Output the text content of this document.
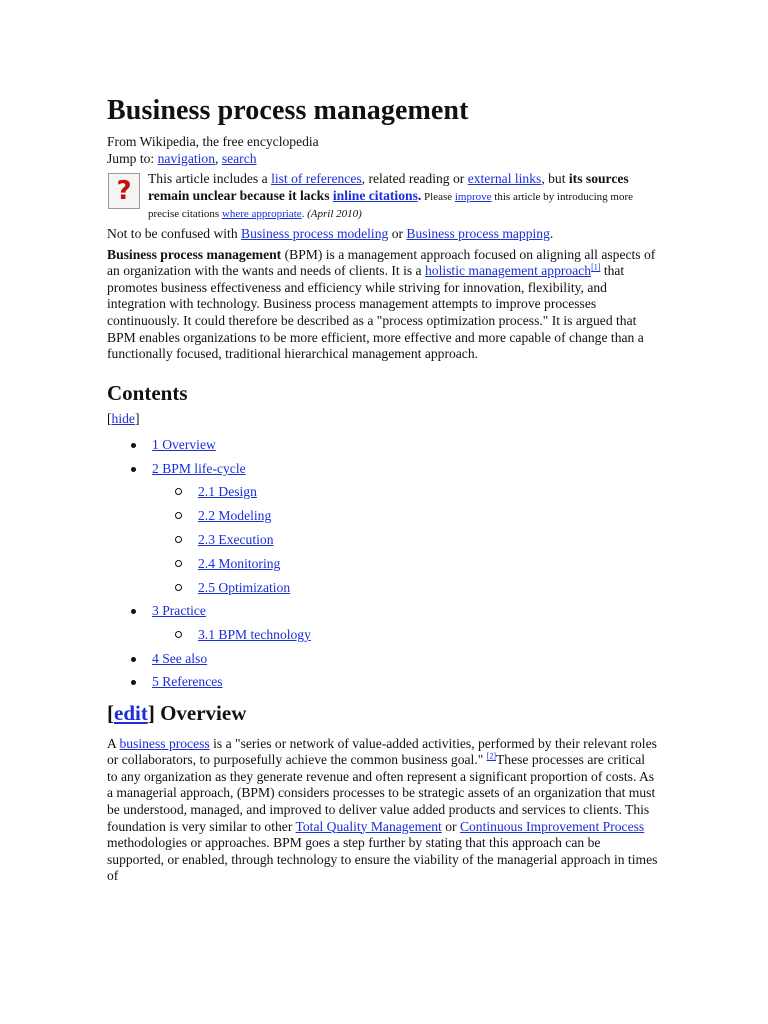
Business process management

From Wikipedia, the free encyclopedia

Jump to: navigation, search

? This article includes a list of references, related reading or external links, but its sources remain unclear because it lacks inline citations. Please improve this article by introducing more precise citations where appropriate. (April 2010)

Not to be confused with Business process modeling or Business process mapping.

Business process management (BPM) is a management approach focused on aligning all aspects of an organization with the wants and needs of clients. It is a holistic management approach[1] that promotes business effectiveness and efficiency while striving for innovation, flexibility, and integration with technology. Business process management attempts to improve processes continuously. It could therefore be described as a "process optimization process." It is argued that BPM enables organizations to be more efficient, more effective and more capable of change than a functionally focused, traditional hierarchical management approach.

Contents
[hide]
1 Overview
2 BPM life-cycle
2.1 Design
2.2 Modeling
2.3 Execution
2.4 Monitoring
2.5 Optimization
3 Practice
3.1 BPM technology
4 See also
5 References
[edit] Overview

A business process is a "series or network of value-added activities, performed by their relevant roles or collaborators, to purposefully achieve the common business goal." [2]These processes are critical to any organization as they generate revenue and often represent a significant proportion of costs. As a managerial approach, (BPM) considers processes to be strategic assets of an organization that must be understood, managed, and improved to deliver value added products and services to clients. This foundation is very similar to other Total Quality Management or Continuous Improvement Process methodologies or approaches. BPM goes a step further by stating that this approach can be supported, or enabled, through technology to ensure the viability of the managerial approach in times of
